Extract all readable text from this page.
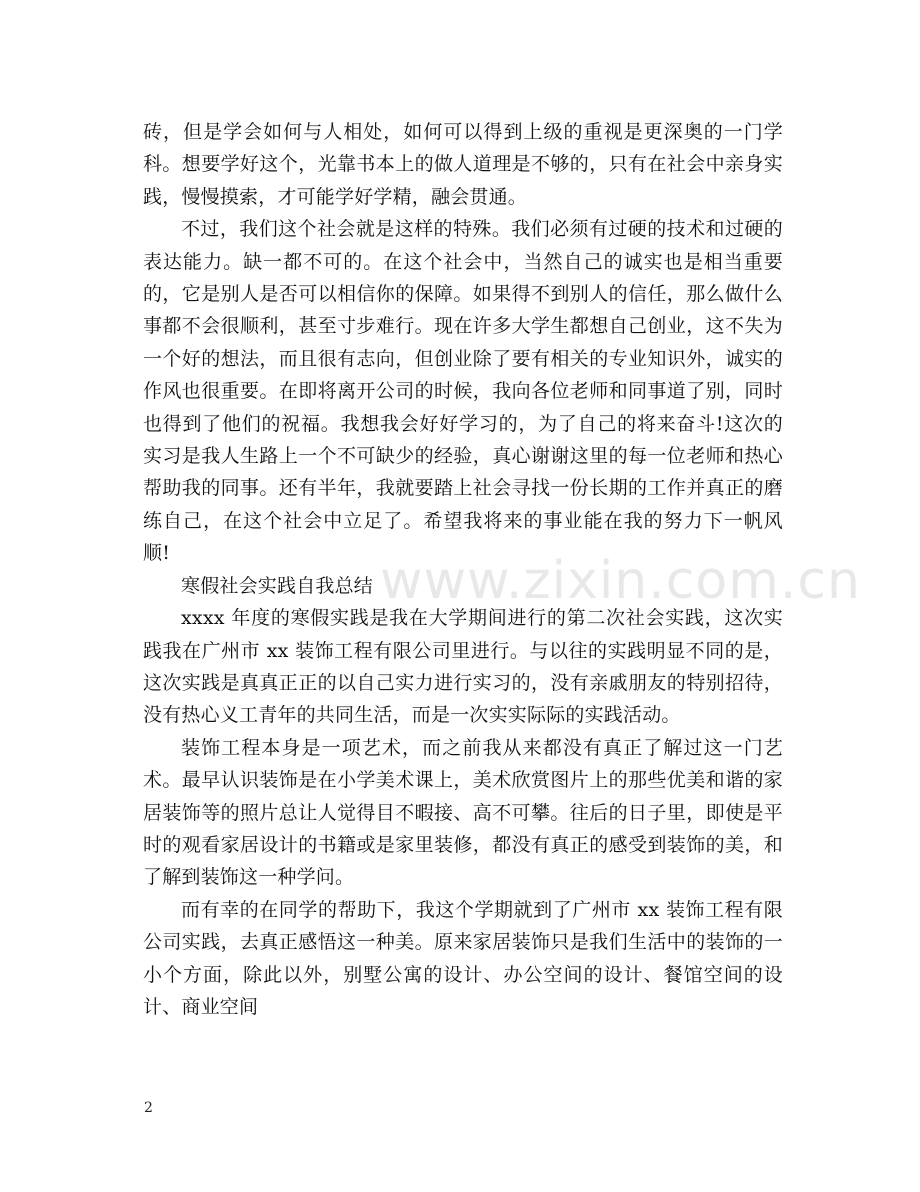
砖，但是学会如何与人相处，如何可以得到上级的重视是更深奥的一门学科。想要学好这个，光靠书本上的做人道理是不够的，只有在社会中亲身实践，慢慢摸索，才可能学好学精，融会贯通。

不过，我们这个社会就是这样的特殊。我们必须有过硬的技术和过硬的表达能力。缺一都不可的。在这个社会中，当然自己的诚实也是相当重要的，它是别人是否可以相信你的保障。如果得不到别人的信任，那么做什么事都不会很顺利，甚至寸步难行。现在许多大学生都想自己创业，这不失为一个好的想法，而且很有志向，但创业除了要有相关的专业知识外，诚实的作风也很重要。在即将离开公司的时候，我向各位老师和同事道了别，同时也得到了他们的祝福。我想我会好好学习的，为了自己的将来奋斗!这次的实习是我人生路上一个不可缺少的经验，真心谢谢这里的每一位老师和热心帮助我的同事。还有半年，我就要踏上社会寻找一份长期的工作并真正的磨练自己，在这个社会中立足了。希望我将来的事业能在我的努力下一帆风顺!

寒假社会实践自我总结

xxxx 年度的寒假实践是我在大学期间进行的第二次社会实践，这次实践我在广州市 xx 装饰工程有限公司里进行。与以往的实践明显不同的是，这次实践是真真正正的以自己实力进行实习的，没有亲戚朋友的特别招待，没有热心义工青年的共同生活，而是一次实实际际的实践活动。

装饰工程本身是一项艺术，而之前我从来都没有真正了解过这一门艺术。最早认识装饰是在小学美术课上，美术欣赏图片上的那些优美和谐的家居装饰等的照片总让人觉得目不暇接、高不可攀。往后的日子里，即使是平时的观看家居设计的书籍或是家里装修，都没有真正的感受到装饰的美，和了解到装饰这一种学问。

而有幸的在同学的帮助下，我这个学期就到了广州市 xx 装饰工程有限公司实践，去真正感悟这一种美。原来家居装饰只是我们生活中的装饰的一小个方面，除此以外，别墅公寓的设计、办公空间的设计、餐馆空间的设计、商业空间

www.zixin.com.cn
2
